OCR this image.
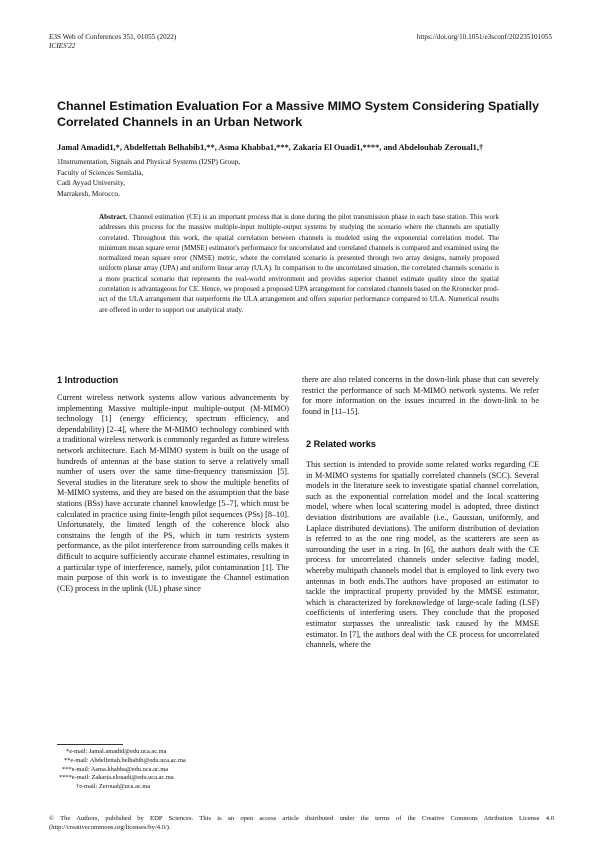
E3S Web of Conferences 351, 01055 (2022)
ICIES'22
https://doi.org/10.1051/e3sconf/202235101055
Channel Estimation Evaluation For a Massive MIMO System Considering Spatially Correlated Channels in an Urban Network
Jamal Amadid1,*, Abdelfettah Belhabib1,**, Asma Khabba1,***, Zakaria El Ouadi1,****, and Abdelouhab Zeroual1,†
1Instrumentation, Signals and Physical Systems (I2SP) Group,
Faculty of Sciences Semlalia,
Cadi Ayyad University,
Marrakesh, Morocco.
Abstract. Channel estimation (CE) is an important process that is done during the pilot transmission phase in each base station. This work addresses this process for the massive multiple-input multiple-output systems by studying the scenario where the channels are spatially correlated. Throughout this work, the spatial correlation between channels is modeled using the exponential correlation model. The minimum mean square error (MMSE) estimator's performance for uncorrelated and correlated channels is compared and examined using the normalized mean square error (NMSE) metric, where the correlated scenario is presented through two array designs, namely proposed uniform planar array (UPA) and uniform linear array (ULA). In comparison to the uncorrelated situation, the correlated channels scenario is a more practical scenario that represents the real-world environment and provides superior channel estimate quality since the spatial correlation is advantageous for CE. Hence, we proposed a proposed UPA arrangement for correlated channels based on the Kronecker prod- uct of the ULA arrangement that outperforms the ULA arrangement and offers superior performance compared to ULA. Numerical results are offered in order to support our analytical study.
1 Introduction
Current wireless network systems allow various advancements by implementing Massive multiple-input multiple-output (M-MIMO) technology [1] (energy efficiency, spectrum efficiency, and dependability) [2–4], where the M-MIMO technology combined with a traditional wireless network is commonly regarded as future wireless network architecture. Each M-MIMO system is built on the usage of hundreds of antennas at the base station to serve a relatively small number of users over the same time-frequency transmission [5]. Several studies in the literature seek to show the multiple benefits of M-MIMO systems, and they are based on the assumption that the base stations (BSs) have accurate channel knowledge [5–7], which must be calculated in practice using finite-length pilot sequences (PSs) [8–10]. Unfortunately, the limited length of the coherence block also constrains the length of the PS, which in turn restricts system performance, as the pilot interference from surrounding cells makes it difficult to acquire sufficiently accurate channel estimates, resulting in a particular type of interference, namely, pilot contamination [1]. The main purpose of this work is to investigate the Channel estimation (CE) process in the uplink (UL) phase since
there are also related concerns in the down-link phase that can severely restrict the performance of such M-MIMO network systems. We refer for more information on the issues incurred in the down-link to be found in [11–15].
2 Related works
This section is intended to provide some related works regarding CE in M-MIMO systems for spatially correlated channels (SCC). Several models in the literature seek to investigate spatial channel correlation, such as the exponential correlation model and the local scattering model, where when local scattering model is adopted, three distinct deviation distributions are available (i.e., Gaussian, uniformly, and Laplace distributed deviations). The uniform distribution of deviation is referred to as the one ring model, as the scatterers are seen as surrounding the user in a ring. In [6], the authors dealt with the CE process for uncorrelated channels under selective fading model, whereby multipath channels model that is employed to link every two antennas in both ends.The authors have proposed an estimator to tackle the impractical property provided by the MMSE estimator, which is characterized by foreknowledge of large-scale fading (LSF) coefficients of interfering users. They conclude that the proposed estimator surpasses the unrealistic task caused by the MMSE estimator. In [7], the authors deal with the CE process for uncorrelated channels, where the
*e-mail: Jamal.amadid@edu.uca.ac.ma
**e-mail: Abdelfettah.belhabib@edu.uca.ac.ma
***e-mail: Asma.khabba@edu.uca.ac.ma
****e-mail: Zakaria.elouadi@edu.uca.ac.ma
†e-mail: Zeroual@uca.ac.ma
© The Authors, published by EDP Sciences. This is an open access article distributed under the terms of the Creative Commons Attribution License 4.0 (http://creativecommons.org/licenses/by/4.0/).
